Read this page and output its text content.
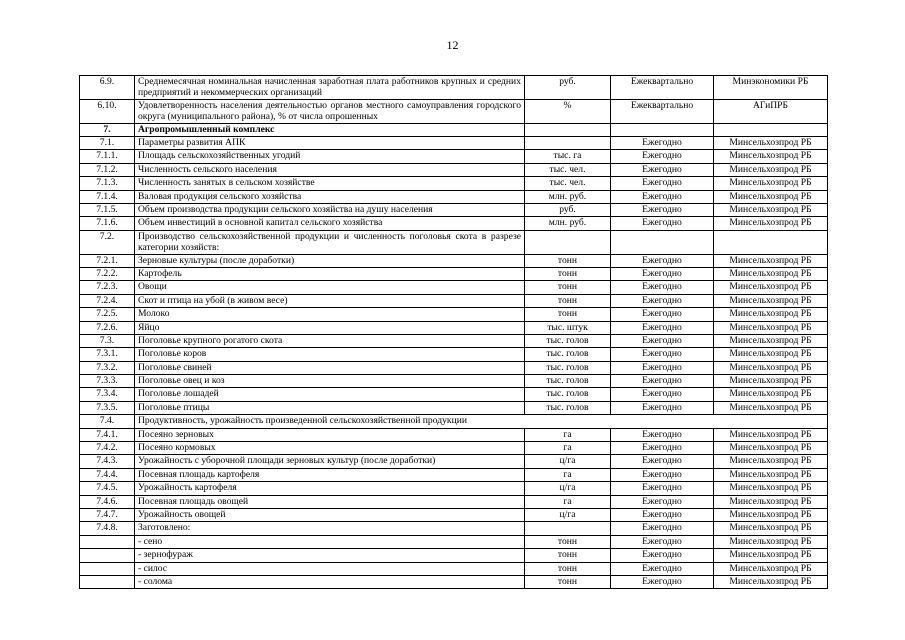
12
6.9.	Среднемесячная номинальная начисленная заработная плата работников крупных и средних предприятий и некоммерческих организаций	руб.	Ежеквартально	Минэкономики РБ
6.10.	Удовлетворенность населения деятельностью органов местного самоуправления городского округа (муниципального района), % от числа опрошенных	%	Ежеквартально	АГиПРБ
7.	Агропромышленный комплекс			
7.1.	Параметры развития АПК		Ежегодно	Минсельхозпрод РБ
7.1.1.	Площадь сельскохозяйственных угодий	тыс. га	Ежегодно	Минсельхозпрод РБ
7.1.2.	Численность сельского населения	тыс. чел.	Ежегодно	Минсельхозпрод РБ
7.1.3.	Численность занятых в сельском хозяйстве	тыс. чел.	Ежегодно	Минсельхозпрод РБ
7.1.4.	Валовая продукция сельского хозяйства	млн. руб.	Ежегодно	Минсельхозпрод РБ
7.1.5.	Объем производства продукции сельского хозяйства на душу населения	руб.	Ежегодно	Минсельхозпрод РБ
7.1.6.	Объем инвестиций в основной капитал сельского хозяйства	млн. руб.	Ежегодно	Минсельхозпрод РБ
7.2.	Производство сельскохозяйственной продукции и численность поголовья скота в разрезе категории хозяйств:			
7.2.1.	Зерновые культуры (после доработки)	тонн	Ежегодно	Минсельхозпрод РБ
7.2.2.	Картофель	тонн	Ежегодно	Минсельхозпрод РБ
7.2.3.	Овощи	тонн	Ежегодно	Минсельхозпрод РБ
7.2.4.	Скот и птица на убой (в живом весе)	тонн	Ежегодно	Минсельхозпрод РБ
7.2.5.	Молоко	тонн	Ежегодно	Минсельхозпрод РБ
7.2.6.	Яйцо	тыс. штук	Ежегодно	Минсельхозпрод РБ
7.3.	Поголовье крупного рогатого скота	тыс. голов	Ежегодно	Минсельхозпрод РБ
7.3.1.	Поголовье коров	тыс. голов	Ежегодно	Минсельхозпрод РБ
7.3.2.	Поголовье свиней	тыс. голов	Ежегодно	Минсельхозпрод РБ
7.3.3.	Поголовье овец и коз	тыс. голов	Ежегодно	Минсельхозпрод РБ
7.3.4.	Поголовье лошадей	тыс. голов	Ежегодно	Минсельхозпрод РБ
7.3.5.	Поголовье птицы	тыс. голов	Ежегодно	Минсельхозпрод РБ
7.4.	Продуктивность, урожайность произведенной сельскохозяйственной продукции			
7.4.1.	Посеяно зерновых	га	Ежегодно	Минсельхозпрод РБ
7.4.2.	Посеяно кормовых	га	Ежегодно	Минсельхозпрод РБ
7.4.3.	Урожайность с уборочной площади зерновых культур (после доработки)	ц/га	Ежегодно	Минсельхозпрод РБ
7.4.4.	Посевная площадь картофеля	га	Ежегодно	Минсельхозпрод РБ
7.4.5.	Урожайность картофеля	ц/га	Ежегодно	Минсельхозпрод РБ
7.4.6.	Посевная площадь овощей	га	Ежегодно	Минсельхозпрод РБ
7.4.7.	Урожайность овощей	ц/га	Ежегодно	Минсельхозпрод РБ
7.4.8.	Заготовлено:		Ежегодно	Минсельхозпрод РБ
	- сено	тонн	Ежегодно	Минсельхозпрод РБ
	- зернофураж	тонн	Ежегодно	Минсельхозпрод РБ
	- силос	тонн	Ежегодно	Минсельхозпрод РБ
	- солома	тонн	Ежегодно	Минсельхозпрод РБ
